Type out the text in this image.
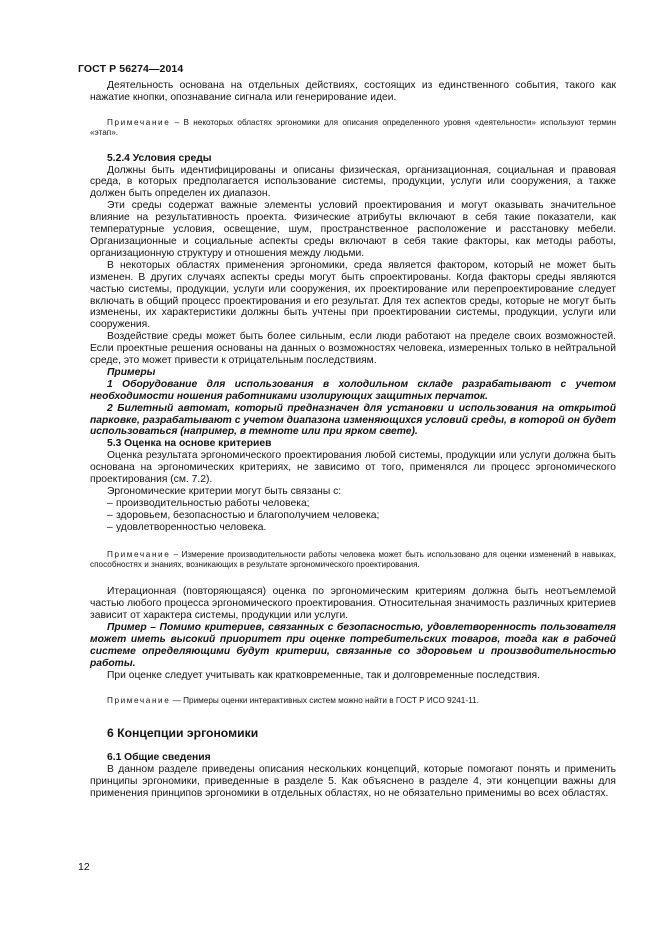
ГОСТ Р 56274—2014

Деятельность основана на отдельных действиях, состоящих из единственного события, такого как нажатие кнопки, опознавание сигнала или генерирование идеи.

Примечание – В некоторых областях эргономики для описания определенного уровня «деятельности» используют термин «этап».

5.2.4 Условия среды

Должны быть идентифицированы и описаны физическая, организационная, социальная и правовая среда, в которых предполагается использование системы, продукции, услуги или сооружения, а также должен быть определен их диапазон.

Эти среды содержат важные элементы условий проектирования и могут оказывать значительное влияние на результативность проекта. Физические атрибуты включают в себя такие показатели, как температурные условия, освещение, шум, пространственное расположение и расстановку мебели. Организационные и социальные аспекты среды включают в себя такие факторы, как методы работы, организационную структуру и отношения между людьми.

В некоторых областях применения эргономики, среда является фактором, который не может быть изменен. В других случаях аспекты среды могут быть спроектированы. Когда факторы среды являются частью системы, продукции, услуги или сооружения, их проектирование или перепроектирование следует включать в общий процесс проектирования и его результат. Для тех аспектов среды, которые не могут быть изменены, их характеристики должны быть учтены при проектировании системы, продукции, услуги или сооружения.

Воздействие среды может быть более сильным, если люди работают на пределе своих возможностей. Если проектные решения основаны на данных о возможностях человека, измеренных только в нейтральной среде, это может привести к отрицательным последствиям.

Примеры

1 Оборудование для использования в холодильном складе разрабатывают с учетом необходимости ношения работниками изолирующих защитных перчаток.

2 Билетный автомат, который предназначен для установки и использования на открытой парковке, разрабатывают с учетом диапазона изменяющихся условий среды, в которой он будет использоваться (например, в темноте или при ярком свете).

5.3 Оценка на основе критериев

Оценка результата эргономического проектирования любой системы, продукции или услуги должна быть основана на эргономических критериях, не зависимо от того, применялся ли процесс эргономического проектирования (см. 7.2).

Эргономические критерии могут быть связаны с:

– производительностью работы человека;
– здоровьем, безопасностью и благополучием человека;
– удовлетворенностью человека.

Примечание – Измерение производительности работы человека может быть использовано для оценки изменений в навыках, способностях и знаниях, возникающих в результате эргономического проектирования.

Итерационная (повторяющаяся) оценка по эргономическим критериям должна быть неотъемлемой частью любого процесса эргономического проектирования. Относительная значимость различных критериев зависит от характера системы, продукции или услуги.

Пример – Помимо критериев, связанных с безопасностью, удовлетворенность пользователя может иметь высокий приоритет при оценке потребительских товаров, тогда как в рабочей системе определяющими будут критерии, связанные со здоровьем и производительностью работы.

При оценке следует учитывать как кратковременные, так и долговременные последствия.

Примечание — Примеры оценки интерактивных систем можно найти в ГОСТ Р ИСО 9241-11.

6 Концепции эргономики

6.1 Общие сведения

В данном разделе приведены описания нескольких концепций, которые помогают понять и применить принципы эргономики, приведенные в разделе 5. Как объяснено в разделе 4, эти концепции важны для применения принципов эргономики в отдельных областях, но не обязательно применимы во всех областях.

12
